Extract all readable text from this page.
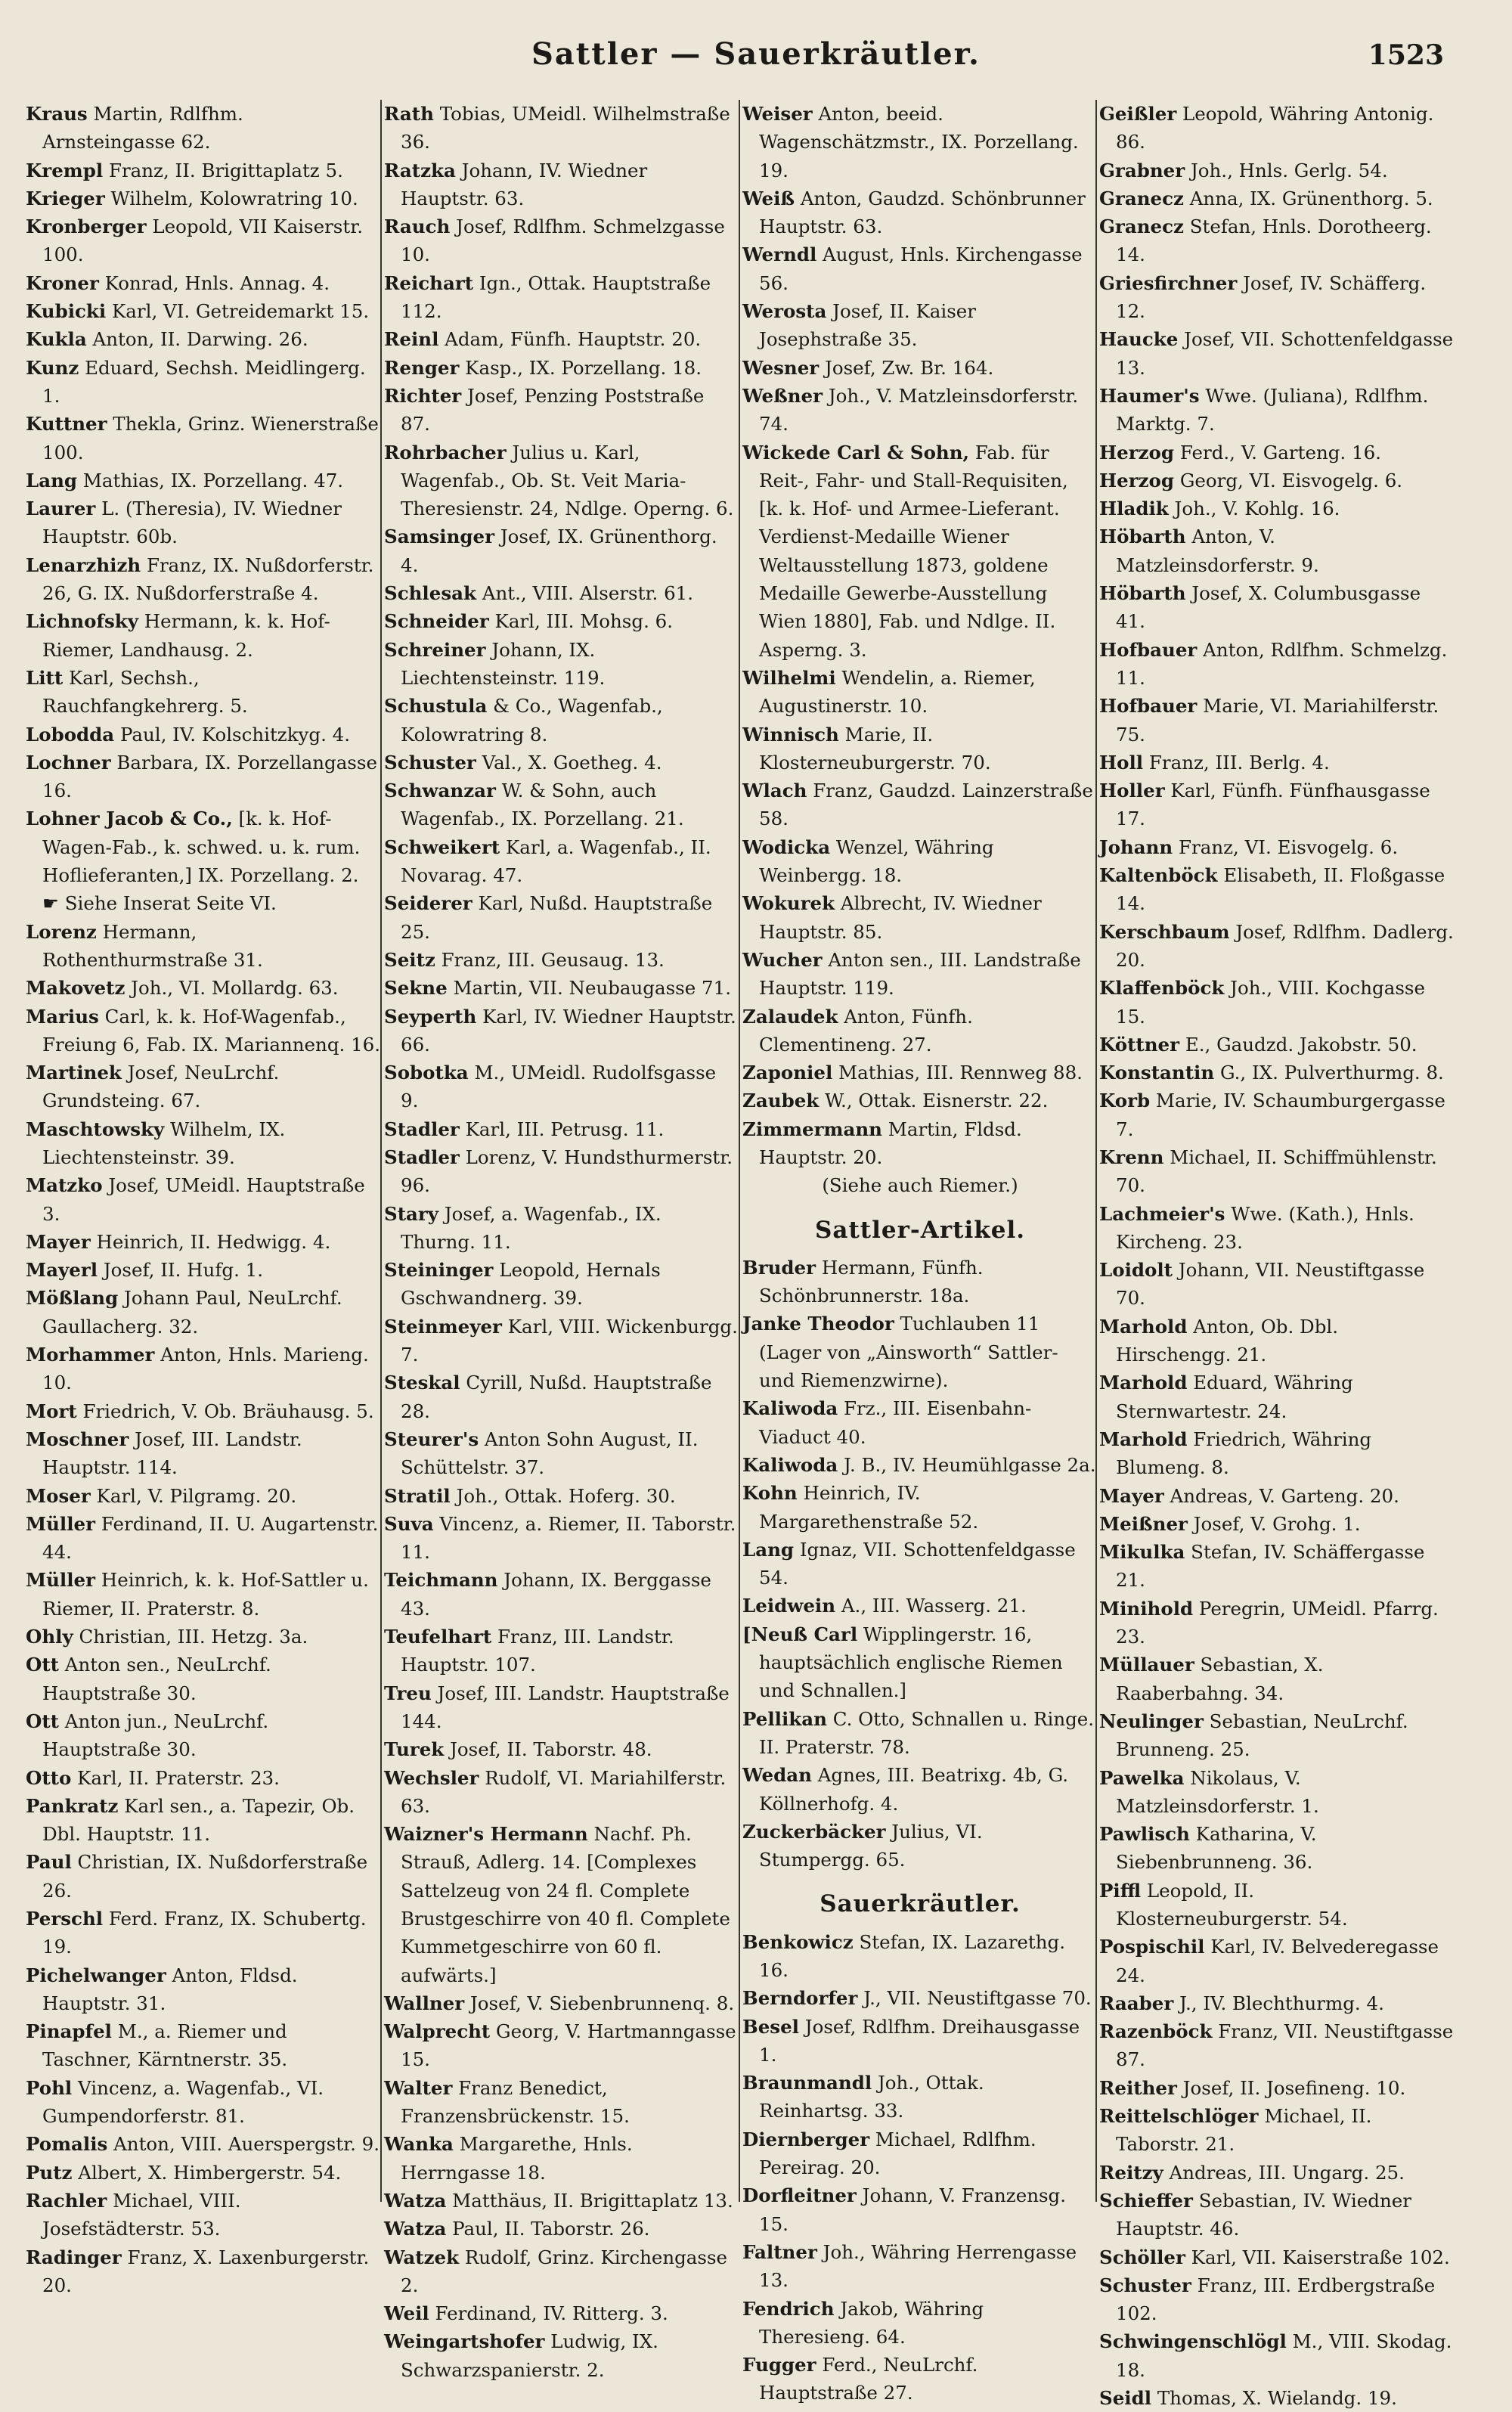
Sattler — Sauerkräutler.	1523

Kraus Martin, Rdlfhm. Arnsteingasse 62.

Krempl Franz, II. Brigittaplatz 5.

Krieger Wilhelm, Kolowratring 10.

Kronberger Leopold, VII Kaiserstr. 100.

Kroner Konrad, Hnls. Annag. 4.

Kubicki Karl, VI. Getreidemarkt 15.

Kukla Anton, II. Darwing. 26.

Kunz Eduard, Sechsh. Meidlingerg. 1.

Kuttner Thekla, Grinz. Wienerstraße 100.

Lang Mathias, IX. Porzellang. 47.

Laurer L. (Theresia), IV. Wiedner Hauptstr. 60b.

Lenarzhizh Franz, IX. Nußdorferstr. 26, G. IX. Nußdorferstraße 4.

Lichnofsky Hermann, k. k. Hof-Riemer, Landhausg. 2.

Litt Karl, Sechsh., Rauchfangkehrerg. 5.

Lobodda Paul, IV. Kolschitzkyg. 4.

Lochner Barbara, IX. Porzellangasse 16.

Lohner Jacob & Co., [k. k. Hof-Wagen-Fab., k. schwed. u. k. rum. Hoflieferanten,] IX. Porzellang. 2. ☛ Siehe Inserat Seite VI.

Lorenz Hermann, Rothenthurmstraße 31.

Makovetz Joh., VI. Mollardg. 63.

Marius Carl, k. k. Hof-Wagenfab., Freiung 6, Fab. IX. Mariannenq. 16.

Martinek Josef, NeuLrchf. Grundsteing. 67.

Maschtowsky Wilhelm, IX. Liechtensteinstr. 39.

Matzko Josef, UMeidl. Hauptstraße 3.

Mayer Heinrich, II. Hedwigg. 4.

Mayerl Josef, II. Hufg. 1.

Mößlang Johann Paul, NeuLrchf. Gaullacherg. 32.

Morhammer Anton, Hnls. Marieng. 10.

Mort Friedrich, V. Ob. Bräuhausg. 5.

Moschner Josef, III. Landstr. Hauptstr. 114.

Moser Karl, V. Pilgramg. 20.

Müller Ferdinand, II. U. Augartenstr. 44.

Müller Heinrich, k. k. Hof-Sattler u. Riemer, II. Praterstr. 8.

Ohly Christian, III. Hetzg. 3a.

Ott Anton sen., NeuLrchf. Hauptstraße 30.

Ott Anton jun., NeuLrchf. Hauptstraße 30.

Otto Karl, II. Praterstr. 23.

Pankratz Karl sen., a. Tapezir, Ob. Dbl. Hauptstr. 11.

Paul Christian, IX. Nußdorferstraße 26.

Perschl Ferd. Franz, IX. Schubertg. 19.

Pichelwanger Anton, Fldsd. Hauptstr. 31.

Pinapfel M., a. Riemer und Taschner, Kärntnerstr. 35.

Pohl Vincenz, a. Wagenfab., VI. Gumpendorferstr. 81.

Pomalis Anton, VIII. Auerspergstr. 9.

Putz Albert, X. Himbergerstr. 54.

Rachler Michael, VIII. Josefstädterstr. 53.

Radinger Franz, X. Laxenburgerstr. 20.

Rath Tobias, UMeidl. Wilhelmstraße 36.

Ratzka Johann, IV. Wiedner Hauptstr. 63.

Rauch Josef, Rdlfhm. Schmelzgasse 10.

Reichart Ign., Ottak. Hauptstraße 112.

Reinl Adam, Fünfh. Hauptstr. 20.

Renger Kasp., IX. Porzellang. 18.

Richter Josef, Penzing Poststraße 87.

Rohrbacher Julius u. Karl, Wagenfab., Ob. St. Veit Maria-Theresienstr. 24, Ndlge. Operng. 6.

Samsinger Josef, IX. Grünenthorg. 4.

Schlesak Ant., VIII. Alserstr. 61.

Schneider Karl, III. Mohsg. 6.

Schreiner Johann, IX. Liechtensteinstr. 119.

Schustula & Co., Wagenfab., Kolowratring 8.

Schuster Val., X. Goetheg. 4.

Schwanzar W. & Sohn, auch Wagenfab., IX. Porzellang. 21.

Schweikert Karl, a. Wagenfab., II. Novarag. 47.

Seiderer Karl, Nußd. Hauptstraße 25.

Seitz Franz, III. Geusaug. 13.

Sekne Martin, VII. Neubaugasse 71.

Seyperth Karl, IV. Wiedner Hauptstr. 66.

Sobotka M., UMeidl. Rudolfsgasse 9.

Stadler Karl, III. Petrusg. 11.

Stadler Lorenz, V. Hundsthurmerstr. 96.

Stary Josef, a. Wagenfab., IX. Thurng. 11.

Steininger Leopold, Hernals Gschwandnerg. 39.

Steinmeyer Karl, VIII. Wickenburgg. 7.

Steskal Cyrill, Nußd. Hauptstraße 28.

Steurer's Anton Sohn August, II. Schüttelstr. 37.

Stratil Joh., Ottak. Hoferg. 30.

Suva Vincenz, a. Riemer, II. Taborstr. 11.

Teichmann Johann, IX. Berggasse 43.

Teufelhart Franz, III. Landstr. Hauptstr. 107.

Treu Josef, III. Landstr. Hauptstraße 144.

Turek Josef, II. Taborstr. 48.

Wechsler Rudolf, VI. Mariahilferstr. 63.

Waizner's Hermann Nachf. Ph. Strauß, Adlerg. 14. [Complexes Sattelzeug von 24 fl. Complete Brustgeschirre von 40 fl. Complete Kummetgeschirre von 60 fl. aufwärts.]

Wallner Josef, V. Siebenbrunnenq. 8.

Walprecht Georg, V. Hartmanngasse 15.

Walter Franz Benedict, Franzensbrückenstr. 15.

Wanka Margarethe, Hnls. Herrngasse 18.

Watza Matthäus, II. Brigittaplatz 13.

Watza Paul, II. Taborstr. 26.

Watzek Rudolf, Grinz. Kirchengasse 2.

Weil Ferdinand, IV. Ritterg. 3.

Weingartshofer Ludwig, IX. Schwarzspanierstr. 2.

Weiser Anton, beeid. Wagenschätzmstr., IX. Porzellang. 19.

Weiß Anton, Gaudzd. Schönbrunner Hauptstr. 63.

Werndl August, Hnls. Kirchengasse 56.

Werosta Josef, II. Kaiser Josephstraße 35.

Wesner Josef, Zw. Br. 164.

Weßner Joh., V. Matzleinsdorferstr. 74.

Wickede Carl & Sohn, Fab. für Reit-, Fahr- und Stall-Requisiten, [k. k. Hof- und Armee-Lieferant. Verdienst-Medaille Wiener Weltausstellung 1873, goldene Medaille Gewerbe-Ausstellung Wien 1880], Fab. und Ndlge. II. Asperng. 3.

Wilhelmi Wendelin, a. Riemer, Augustinerstr. 10.

Winnisch Marie, II. Klosterneuburgerstr. 70.

Wlach Franz, Gaudzd. Lainzerstraße 58.

Wodicka Wenzel, Währing Weinbergg. 18.

Wokurek Albrecht, IV. Wiedner Hauptstr. 85.

Wucher Anton sen., III. Landstraße Hauptstr. 119.

Zalaudek Anton, Fünfh. Clementineng. 27.

Zaponiel Mathias, III. Rennweg 88.

Zaubek W., Ottak. Eisnerstr. 22.

Zimmermann Martin, Fldsd. Hauptstr. 20.

(Siehe auch Riemer.)
Sattler-Artikel.

Bruder Hermann, Fünfh. Schönbrunnerstr. 18a.

Janke Theodor Tuchlauben 11 (Lager von „Ainsworth“ Sattler- und Riemenzwirne).

Kaliwoda Frz., III. Eisenbahn-Viaduct 40.

Kaliwoda J. B., IV. Heumühlgasse 2a.

Kohn Heinrich, IV. Margarethenstraße 52.

Lang Ignaz, VII. Schottenfeldgasse 54.

Leidwein A., III. Wasserg. 21.

[Neuß Carl Wipplingerstr. 16, hauptsächlich englische Riemen und Schnallen.]

Pellikan C. Otto, Schnallen u. Ringe. II. Praterstr. 78.

Wedan Agnes, III. Beatrixg. 4b, G. Köllnerhofg. 4.

Zuckerbäcker Julius, VI. Stumpergg. 65.

Sauerkräutler.

Benkowicz Stefan, IX. Lazarethg. 16.

Berndorfer J., VII. Neustiftgasse 70.

Besel Josef, Rdlfhm. Dreihausgasse 1.

Braunmandl Joh., Ottak. Reinhartsg. 33.

Diernberger Michael, Rdlfhm. Pereirag. 20.

Dorfleitner Johann, V. Franzensg. 15.

Faltner Joh., Währing Herrengasse 13.

Fendrich Jakob, Währing Theresieng. 64.

Fugger Ferd., NeuLrchf. Hauptstraße 27.

Geißler Leopold, Währing Antonig. 86.

Grabner Joh., Hnls. Gerlg. 54.

Granecz Anna, IX. Grünenthorg. 5.

Granecz Stefan, Hnls. Dorotheerg. 14.

Griesfirchner Josef, IV. Schäfferg. 12.

Haucke Josef, VII. Schottenfeldgasse 13.

Haumer's Wwe. (Juliana), Rdlfhm. Marktg. 7.

Herzog Ferd., V. Garteng. 16.

Herzog Georg, VI. Eisvogelg. 6.

Hladik Joh., V. Kohlg. 16.

Höbarth Anton, V. Matzleinsdorferstr. 9.

Höbarth Josef, X. Columbusgasse 41.

Hofbauer Anton, Rdlfhm. Schmelzg. 11.

Hofbauer Marie, VI. Mariahilferstr. 75.

Holl Franz, III. Berlg. 4.

Holler Karl, Fünfh. Fünfhausgasse 17.

Johann Franz, VI. Eisvogelg. 6.

Kaltenböck Elisabeth, II. Floßgasse 14.

Kerschbaum Josef, Rdlfhm. Dadlerg. 20.

Klaffenböck Joh., VIII. Kochgasse 15.

Köttner E., Gaudzd. Jakobstr. 50.

Konstantin G., IX. Pulverthurmg. 8.

Korb Marie, IV. Schaumburgergasse 7.

Krenn Michael, II. Schiffmühlenstr. 70.

Lachmeier's Wwe. (Kath.), Hnls. Kircheng. 23.

Loidolt Johann, VII. Neustiftgasse 70.

Marhold Anton, Ob. Dbl. Hirschengg. 21.

Marhold Eduard, Währing Sternwartestr. 24.

Marhold Friedrich, Währing Blumeng. 8.

Mayer Andreas, V. Garteng. 20.

Meißner Josef, V. Grohg. 1.

Mikulka Stefan, IV. Schäffergasse 21.

Minihold Peregrin, UMeidl. Pfarrg. 23.

Müllauer Sebastian, X. Raaberbahng. 34.

Neulinger Sebastian, NeuLrchf. Brunneng. 25.

Pawelka Nikolaus, V. Matzleinsdorferstr. 1.

Pawlisch Katharina, V. Siebenbrunneng. 36.

Piffl Leopold, II. Klosterneuburgerstr. 54.

Pospischil Karl, IV. Belvederegasse 24.

Raaber J., IV. Blechthurmg. 4.

Razenböck Franz, VII. Neustiftgasse 87.

Reither Josef, II. Josefineng. 10.

Reittelschlöger Michael, II. Taborstr. 21.

Reitzy Andreas, III. Ungarg. 25.

Schieffer Sebastian, IV. Wiedner Hauptstr. 46.

Schöller Karl, VII. Kaiserstraße 102.

Schuster Franz, III. Erdbergstraße 102.

Schwingenschlögl M., VIII. Skodag. 18.

Seidl Thomas, X. Wielandg. 19.
